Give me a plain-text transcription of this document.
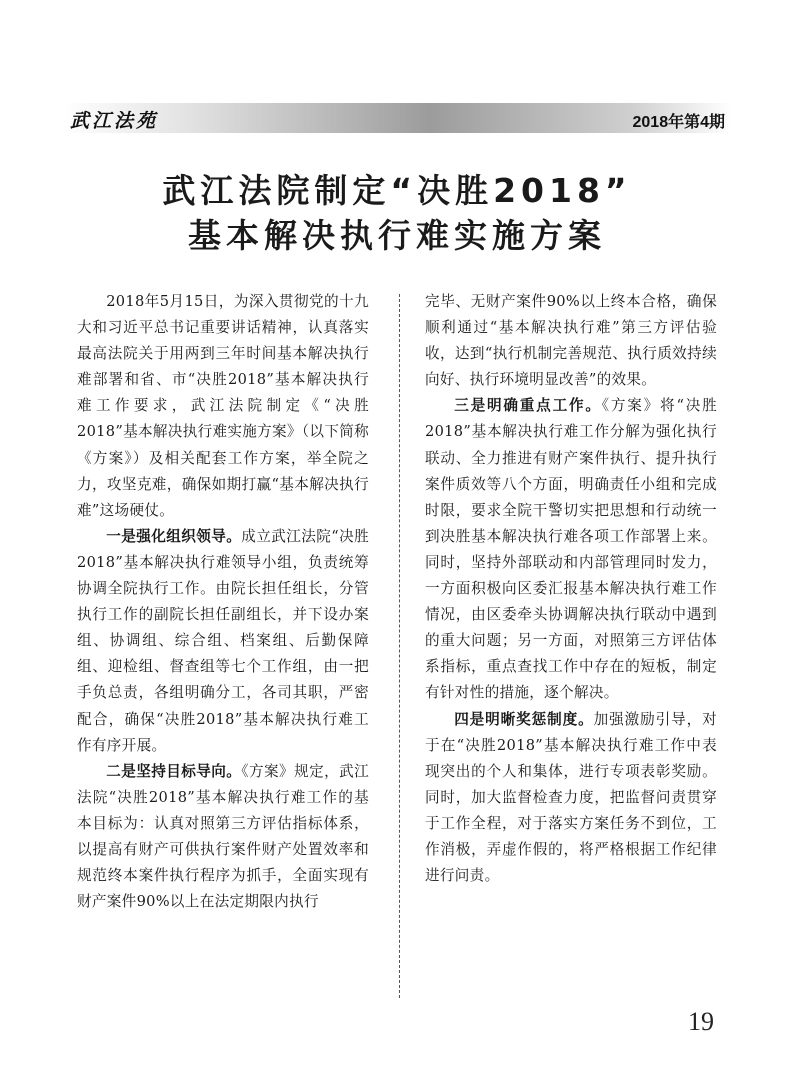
武江法苑	2018年第4期
武江法院制定“决胜2018”
基本解决执行难实施方案

2018年5月15日，为深入贯彻党的十九大和习近平总书记重要讲话精神，认真落实最高法院关于用两到三年时间基本解决执行难部署和省、市“决胜2018”基本解决执行难工作要求，武江法院制定《“决胜2018”基本解决执行难实施方案》（以下简称《方案》）及相关配套工作方案，举全院之力，攻坚克难，确保如期打赢“基本解决执行难”这场硬仗。

一是强化组织领导。成立武江法院“决胜2018”基本解决执行难领导小组，负责统筹协调全院执行工作。由院长担任组长，分管执行工作的副院长担任副组长，并下设办案组、协调组、综合组、档案组、后勤保障组、迎检组、督查组等七个工作组，由一把手负总责，各组明确分工，各司其职，严密配合，确保“决胜2018”基本解决执行难工作有序开展。

二是坚持目标导向。《方案》规定，武江法院“决胜2018”基本解决执行难工作的基本目标为：认真对照第三方评估指标体系，以提高有财产可供执行案件财产处置效率和规范终本案件执行程序为抓手，全面实现有财产案件90%以上在法定期限内执行

完毕、无财产案件90%以上终本合格，确保顺利通过“基本解决执行难”第三方评估验收，达到“执行机制完善规范、执行质效持续向好、执行环境明显改善”的效果。

三是明确重点工作。《方案》将“决胜2018”基本解决执行难工作分解为强化执行联动、全力推进有财产案件执行、提升执行案件质效等八个方面，明确责任小组和完成时限，要求全院干警切实把思想和行动统一到决胜基本解决执行难各项工作部署上来。同时，坚持外部联动和内部管理同时发力，一方面积极向区委汇报基本解决执行难工作情况，由区委牵头协调解决执行联动中遇到的重大问题；另一方面，对照第三方评估体系指标，重点查找工作中存在的短板，制定有针对性的措施，逐个解决。

四是明晰奖惩制度。加强激励引导，对于在“决胜2018”基本解决执行难工作中表现突出的个人和集体，进行专项表彰奖励。同时，加大监督检查力度，把监督问责贯穿于工作全程，对于落实方案任务不到位，工作消极，弄虚作假的，将严格根据工作纪律进行问责。

19
